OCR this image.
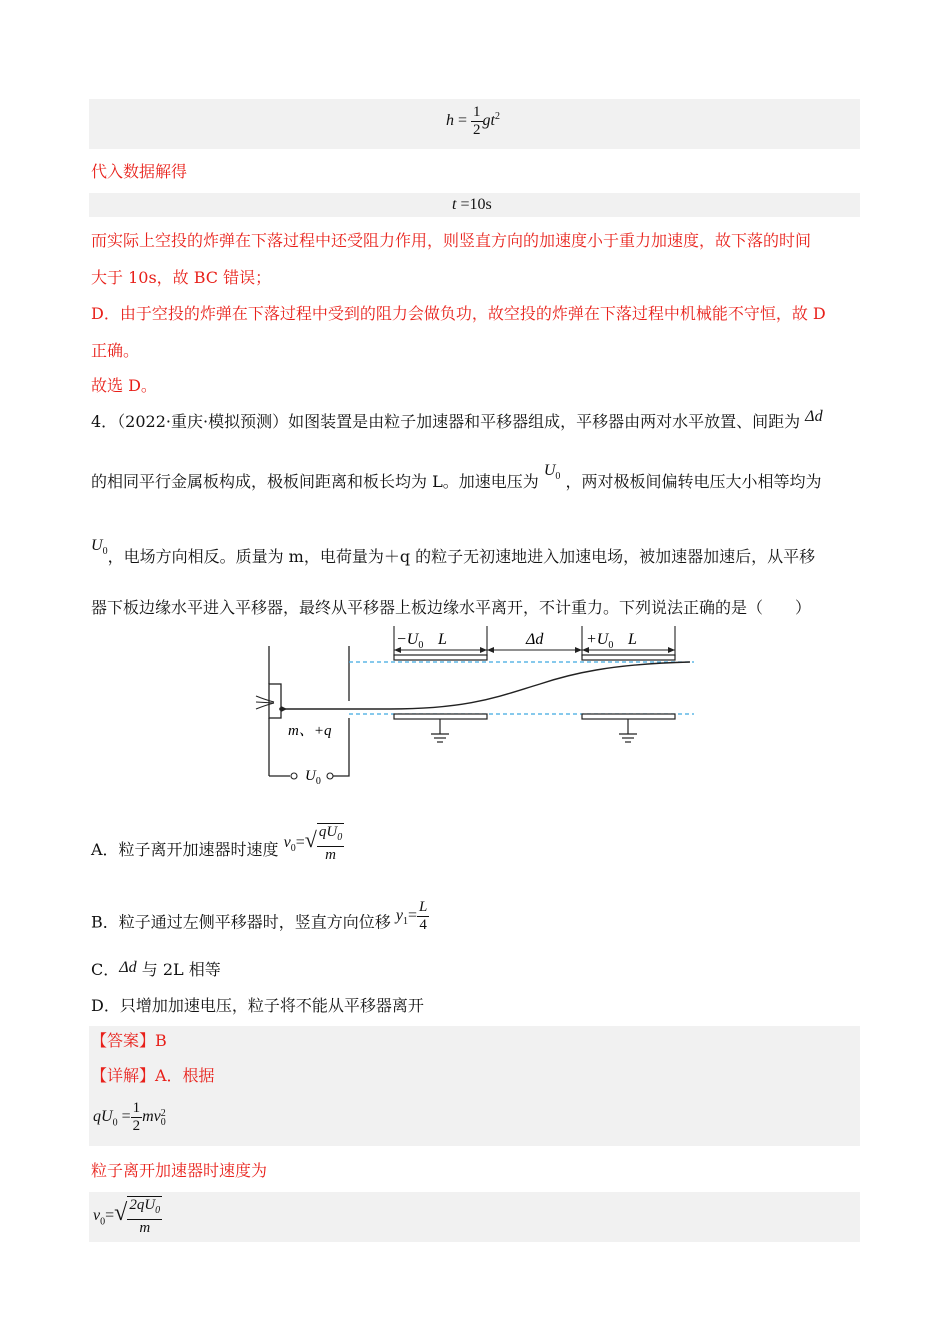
$h = \frac{1}{2} gt^2$
代入数据解得
t =10s
而实际上空投的炸弹在下落过程中还受阻力作用，则竖直方向的加速度小于重力加速度，故下落的时间
大于 10s，故 BC 错误；
D．由于空投的炸弹在下落过程中受到的阻力会做负功，故空投的炸弹在下落过程中机械能不守恒，故 D
正确。
故选 D。
4．（2022·重庆·模拟预测）如图装置是由粒子加速器和平移器组成，平移器由两对水平放置、间距为 Δd
的相同平行金属板构成，极板间距离和板长均为 L。加速电压为 $U_0$ ，两对极板间偏转电压大小相等均为
$U_0$，电场方向相反。质量为 m，电荷量为＋q 的粒子无初速地进入加速电场，被加速器加速后，从平移
器下板边缘水平进入平移器，最终从平移器上板边缘水平离开，不计重力。下列说法正确的是（　　）
$U_0$
m、+q
$-U_0$ L	Δd	$+U_0$ L
A．粒子离开加速器时速度 $v_0=√ \frac{qU_0}{m}$
B．粒子通过左侧平移器时，竖直方向位移 $y_1= \frac{L}{4}$
C．Δd 与 2L 相等
D．只增加加速电压，粒子将不能从平移器离开
【答案】B
【详解】A．根据
$qU_0 = \frac{1}{2}$ mv 2
0
粒子离开加速器时速度为
$v_0=√ \frac{2qU_0}{m}$
